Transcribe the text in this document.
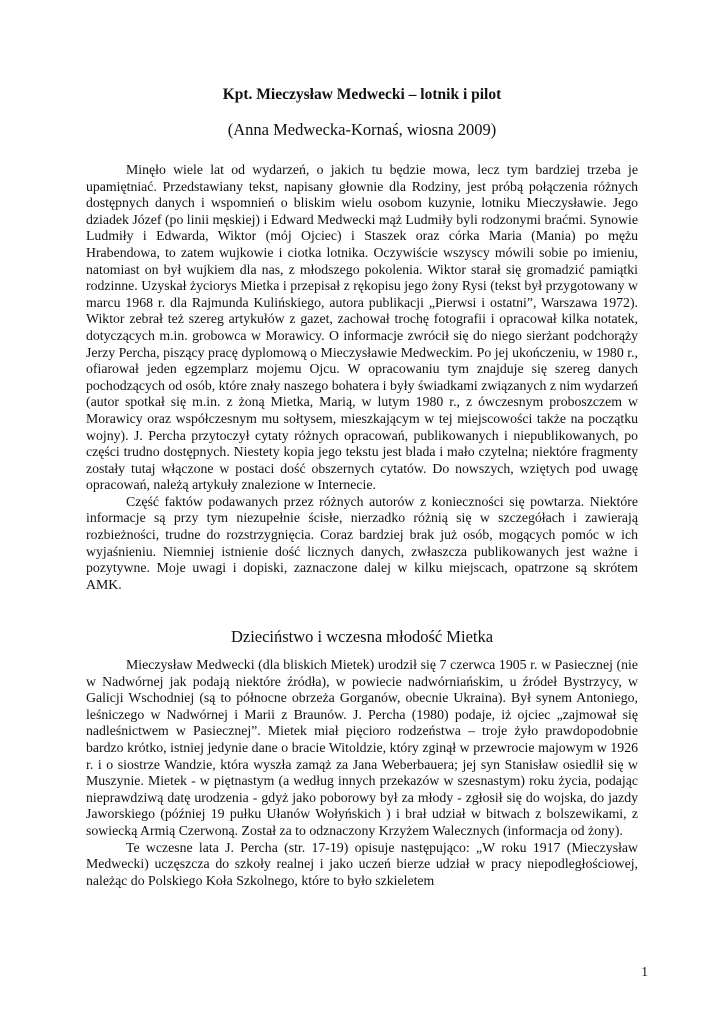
Kpt. Mieczysław Medwecki – lotnik i pilot
(Anna Medwecka-Kornaś, wiosna 2009)

Minęło wiele lat od wydarzeń, o jakich tu będzie mowa, lecz tym bardziej trzeba je upamiętniać. Przedstawiany tekst, napisany głownie dla Rodziny, jest próbą połączenia różnych dostępnych danych i wspomnień o bliskim wielu osobom kuzynie, lotniku Mieczysławie. Jego dziadek Józef (po linii męskiej) i Edward Medwecki mąż Ludmiły byli rodzonymi braćmi. Synowie Ludmiły i Edwarda, Wiktor (mój Ojciec) i Staszek oraz córka Maria (Mania) po mężu Hrabendowa, to zatem wujkowie i ciotka lotnika. Oczywiście wszyscy mówili sobie po imieniu, natomiast on był wujkiem dla nas, z młodszego pokolenia. Wiktor starał się gromadzić pamiątki rodzinne. Uzyskał życiorys Mietka i przepisał z rękopisu jego żony Rysi (tekst był przygotowany w marcu 1968 r. dla Rajmunda Kulińskiego, autora publikacji „Pierwsi i ostatni”, Warszawa 1972). Wiktor zebrał też szereg artykułów z gazet, zachował trochę fotografii i opracował kilka notatek, dotyczących m.in. grobowca w Morawicy. O informacje zwrócił się do niego sierżant podchorąży Jerzy Percha, piszący pracę dyplomową o Mieczysławie Medweckim. Po jej ukończeniu, w 1980 r., ofiarował jeden egzemplarz mojemu Ojcu. W opracowaniu tym znajduje się szereg danych pochodzących od osób, które znały naszego bohatera i były świadkami związanych z nim wydarzeń (autor spotkał się m.in. z żoną Mietka, Marią, w lutym 1980 r., z ówczesnym proboszczem w Morawicy oraz współczesnym mu sołtysem, mieszkającym w tej miejscowości także na początku wojny). J. Percha przytoczył cytaty różnych opracowań, publikowanych i niepublikowanych, po części trudno dostępnych. Niestety kopia jego tekstu jest blada i mało czytelna; niektóre fragmenty zostały tutaj włączone w postaci dość obszernych cytatów. Do nowszych, wziętych pod uwagę opracowań, należą artykuły znalezione w Internecie.

Część faktów podawanych przez różnych autorów z konieczności się powtarza. Niektóre informacje są przy tym niezupełnie ścisłe, nierzadko różnią się w szczegółach i zawierają rozbieżności, trudne do rozstrzygnięcia. Coraz bardziej brak już osób, mogących pomóc w ich wyjaśnieniu. Niemniej istnienie dość licznych danych, zwłaszcza publikowanych jest ważne i pozytywne. Moje uwagi i dopiski, zaznaczone dalej w kilku miejscach, opatrzone są skrótem AMK.

Dzieciństwo i wczesna młodość Mietka

Mieczysław Medwecki (dla bliskich Mietek) urodził się 7 czerwca 1905 r. w Pasiecznej (nie w Nadwórnej jak podają niektóre źródła), w powiecie nadwórniańskim, u źródeł Bystrzycy, w Galicji Wschodniej (są to północne obrzeża Gorganów, obecnie Ukraina). Był synem Antoniego, leśniczego w Nadwórnej i Marii z Braunów. J. Percha (1980) podaje, iż ojciec „zajmował się nadleśnictwem w Pasiecznej”. Mietek miał pięcioro rodzeństwa – troje żyło prawdopodobnie bardzo krótko, istniej jedynie dane o bracie Witoldzie, który zginął w przewrocie majowym w 1926 r. i o siostrze Wandzie, która wyszła zamąż za Jana Weberbauera; jej syn Stanisław osiedlił się w Muszynie. Mietek - w piętnastym (a według innych przekazów w szesnastym) roku życia, podając nieprawdziwą datę urodzenia - gdyż jako poborowy był za młody - zgłosił się do wojska, do jazdy Jaworskiego (później 19 pułku Ułanów Wołyńskich ) i brał udział w bitwach z bolszewikami, z sowiecką Armią Czerwoną. Został za to odznaczony Krzyżem Walecznych (informacja od żony).

Te wczesne lata J. Percha (str. 17-19) opisuje następująco: „W roku 1917 (Mieczysław Medwecki) uczęszcza do szkoły realnej i jako uczeń bierze udział w pracy niepodległościowej, należąc do Polskiego Koła Szkolnego, które to było szkieletem

1
